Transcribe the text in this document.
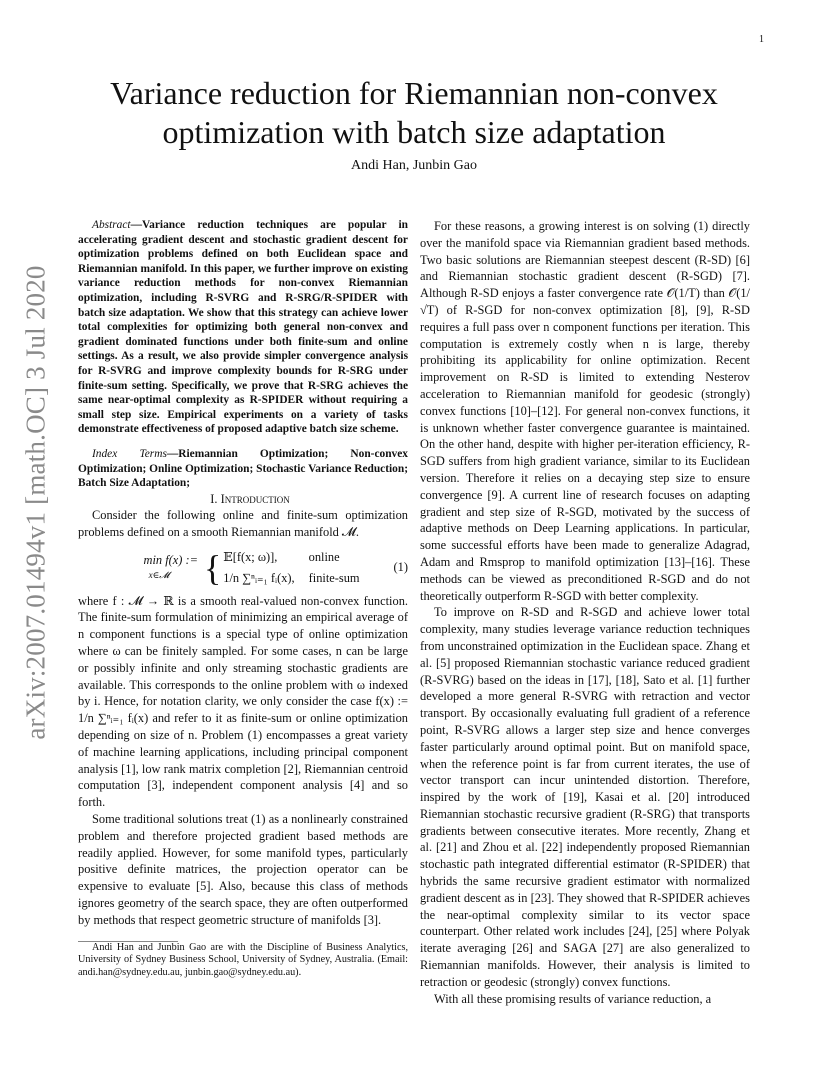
1
arXiv:2007.01494v1 [math.OC] 3 Jul 2020
Variance reduction for Riemannian non-convex
optimization with batch size adaptation
Andi Han, Junbin Gao

Abstract—Variance reduction techniques are popular in accelerating gradient descent and stochastic gradient descent for optimization problems defined on both Euclidean space and Riemannian manifold. In this paper, we further improve on existing variance reduction methods for non-convex Riemannian optimization, including R-SVRG and R-SRG/R-SPIDER with batch size adaptation. We show that this strategy can achieve lower total complexities for optimizing both general non-convex and gradient dominated functions under both finite-sum and online settings. As a result, we also provide simpler convergence analysis for R-SVRG and improve complexity bounds for R-SRG under finite-sum setting. Specifically, we prove that R-SRG achieves the same near-optimal complexity as R-SPIDER without requiring a small step size. Empirical experiments on a variety of tasks demonstrate effectiveness of proposed adaptive batch size scheme.

Index Terms—Riemannian Optimization; Non-convex Optimization; Online Optimization; Stochastic Variance Reduction; Batch Size Adaptation;

I. Introduction

Consider the following online and finite-sum optimization problems defined on a smooth Riemannian manifold 𝓜.

min f(x) :=
x∈𝓜 { 𝔼[f(x; ω)],	online
1/n ∑ⁿᵢ₌₁ fᵢ(x), finite-sum
(1)

where f : 𝓜 → ℝ is a smooth real-valued non-convex function. The finite-sum formulation of minimizing an empirical average of n component functions is a special type of online optimization where ω can be finitely sampled. For some cases, n can be large or possibly infinite and only streaming stochastic gradients are available. This corresponds to the online problem with ω indexed by i. Hence, for notation clarity, we only consider the case f(x) := 1/n ∑ⁿᵢ₌₁ fᵢ(x) and refer to it as finite-sum or online optimization depending on size of n. Problem (1) encompasses a great variety of machine learning applications, including principal component analysis [1], low rank matrix completion [2], Riemannian centroid computation [3], independent component analysis [4] and so forth.

Some traditional solutions treat (1) as a nonlinearly constrained problem and therefore projected gradient based methods are readily applied. However, for some manifold types, particularly positive definite matrices, the projection operator can be expensive to evaluate [5]. Also, because this class of methods ignores geometry of the search space, they are often outperformed by methods that respect geometric structure of manifolds [3].

Andi Han and Junbin Gao are with the Discipline of Business Analytics, University of Sydney Business School, University of Sydney, Australia. (Email: andi.han@sydney.edu.au, junbin.gao@sydney.edu.au).

For these reasons, a growing interest is on solving (1) directly over the manifold space via Riemannian gradient based methods. Two basic solutions are Riemannian steepest descent (R-SD) [6] and Riemannian stochastic gradient descent (R-SGD) [7]. Although R-SD enjoys a faster convergence rate 𝒪(1/T) than 𝒪(1/√T) of R-SGD for non-convex optimization [8], [9], R-SD requires a full pass over n component functions per iteration. This computation is extremely costly when n is large, thereby prohibiting its applicability for online optimization. Recent improvement on R-SD is limited to extending Nesterov acceleration to Riemannian manifold for geodesic (strongly) convex functions [10]–[12]. For general non-convex functions, it is unknown whether faster convergence guarantee is maintained. On the other hand, despite with higher per-iteration efficiency, R-SGD suffers from high gradient variance, similar to its Euclidean version. Therefore it relies on a decaying step size to ensure convergence [9]. A current line of research focuses on adapting gradient and step size of R-SGD, motivated by the success of adaptive methods on Deep Learning applications. In particular, some successful efforts have been made to generalize Adagrad, Adam and Rmsprop to manifold optimization [13]–[16]. These methods can be viewed as preconditioned R-SGD and do not theoretically outperform R-SGD with better complexity.

To improve on R-SD and R-SGD and achieve lower total complexity, many studies leverage variance reduction techniques from unconstrained optimization in the Euclidean space. Zhang et al. [5] proposed Riemannian stochastic variance reduced gradient (R-SVRG) based on the ideas in [17], [18], Sato et al. [1] further developed a more general R-SVRG with retraction and vector transport. By occasionally evaluating full gradient of a reference point, R-SVRG allows a larger step size and hence converges faster particularly around optimal point. But on manifold space, when the reference point is far from current iterates, the use of vector transport can incur unintended distortion. Therefore, inspired by the work of [19], Kasai et al. [20] introduced Riemannian stochastic recursive gradient (R-SRG) that transports gradients between consecutive iterates. More recently, Zhang et al. [21] and Zhou et al. [22] independently proposed Riemannian stochastic path integrated differential estimator (R-SPIDER) that hybrids the same recursive gradient estimator with normalized gradient descent as in [23]. They showed that R-SPIDER achieves the near-optimal complexity similar to its vector space counterpart. Other related work includes [24], [25] where Polyak iterate averaging [26] and SAGA [27] are also generalized to Riemannian manifolds. However, their analysis is limited to retraction or geodesic (strongly) convex functions.

With all these promising results of variance reduction, a
